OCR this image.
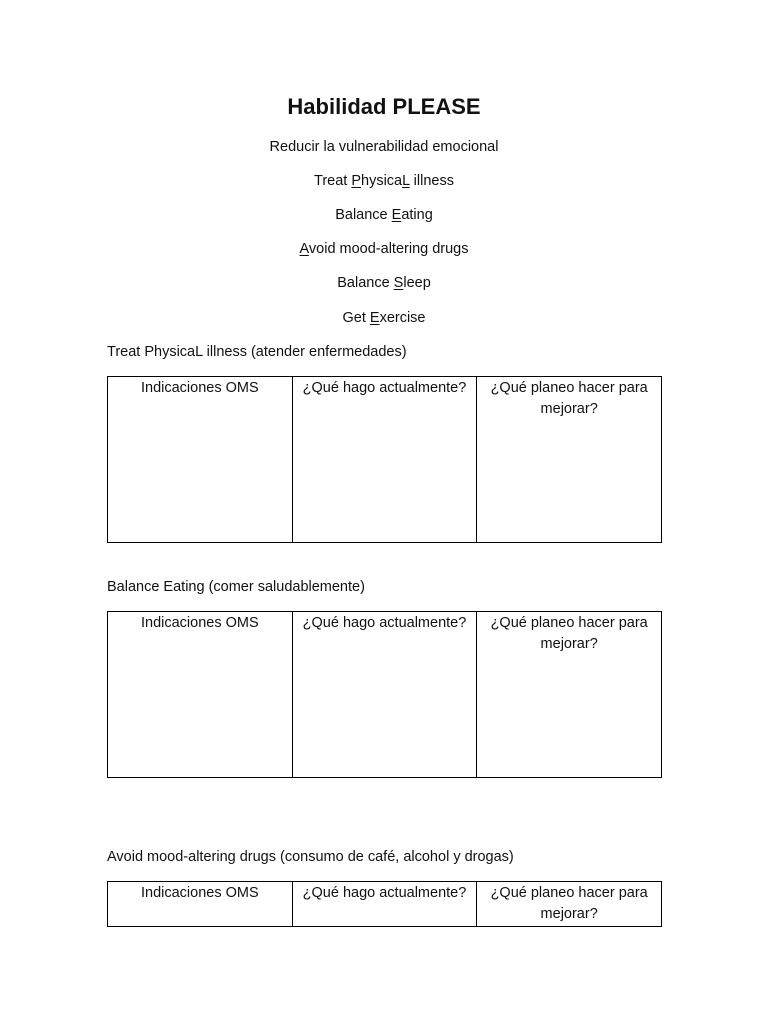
Habilidad PLEASE
Reducir la vulnerabilidad emocional
Treat PhysicaL illness
Balance Eating
Avoid mood-altering drugs
Balance Sleep
Get Exercise
Treat PhysicaL illness (atender enfermedades)
Indicaciones OMS	¿Qué hago actualmente?	¿Qué planeo hacer para mejorar?
Balance Eating (comer saludablemente)
Indicaciones OMS	¿Qué hago actualmente?	¿Qué planeo hacer para mejorar?
Avoid mood-altering drugs (consumo de café, alcohol y drogas)
Indicaciones OMS	¿Qué hago actualmente?	¿Qué planeo hacer para mejorar?
